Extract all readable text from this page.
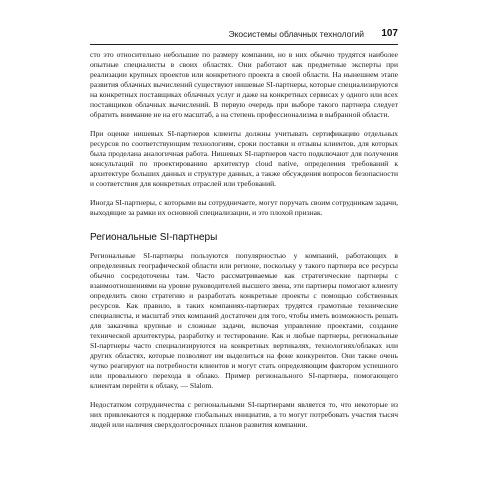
Экосистемы облачных технологий 107

сто это относительно небольшие по размеру компании, но в них обычно трудятся наиболее опытные специалисты в своих областях. Они работают как предметные эксперты при реализации крупных проектов или конкретного проекта в своей области. На нынешнем этапе развития облачных вычислений существуют нишевые SI-партнеры, которые специализируются на конкретных поставщиках облачных услуг и даже на конкретных сервисах у одного или всех поставщиков облачных вычислений. В первую очередь при выборе такого партнера следует обратить внимание не на его масштаб, а на степень профессионализма в выбранной области.

При оценке нишевых SI-партнеров клиенты должны учитывать сертификацию отдельных ресурсов по соответствующим технологиям, сроки поставки и отзывы клиентов, для которых была проделана аналогичная работа. Нишевых SI-партнеров часто подключают для получения консультаций по проектированию архитектур cloud native, определения требований к архитектуре больших данных и структуре данных, а также обсуждения вопросов безопасности и соответствия для конкретных отраслей или требований.

Иногда SI-партнеры, с которыми вы сотрудничаете, могут поручать своим сотрудникам задачи, выходящие за рамки их основной специализации, и это плохой признак.

Региональные SI-партнеры

Региональные SI-партнеры пользуются популярностью у компаний, работающих в определенных географической области или регионе, поскольку у такого партнера все ресурсы обычно сосредоточены там. Часто рассматриваемые как стратегические партнеры с взаимоотношениями на уровне руководителей высшего звена, эти партнеры помогают клиенту определить свою стратегию и разработать конкретные проекты с помощью собственных ресурсов. Как правило, в таких компаниях-партнерах трудятся грамотные технические специалисты, и масштаб этих компаний достаточен для того, чтобы иметь возможность решать для заказчика крупные и сложные задачи, включая управление проектами, создание технической архитектуры, разработку и тестирование. Как и любые партнеры, региональные SI-партнеры часто специализируются на конкретных вертикалях, технологиях/облаках или других областях, которые позволяют им выделиться на фоне конкурентов. Они также очень чутко реагируют на потребности клиентов и могут стать определяющим фактором успешного или провального перехода в облако. Пример регионального SI-партнера, помогающего клиентам перейти к облаку, — Slalom.

Недостатком сотрудничества с региональными SI-партнерами является то, что некоторые из них привлекаются к поддержке глобальных инициатив, а то могут потребовать участия тысяч людей или наличия сверхдолгосрочных планов развития компании.
